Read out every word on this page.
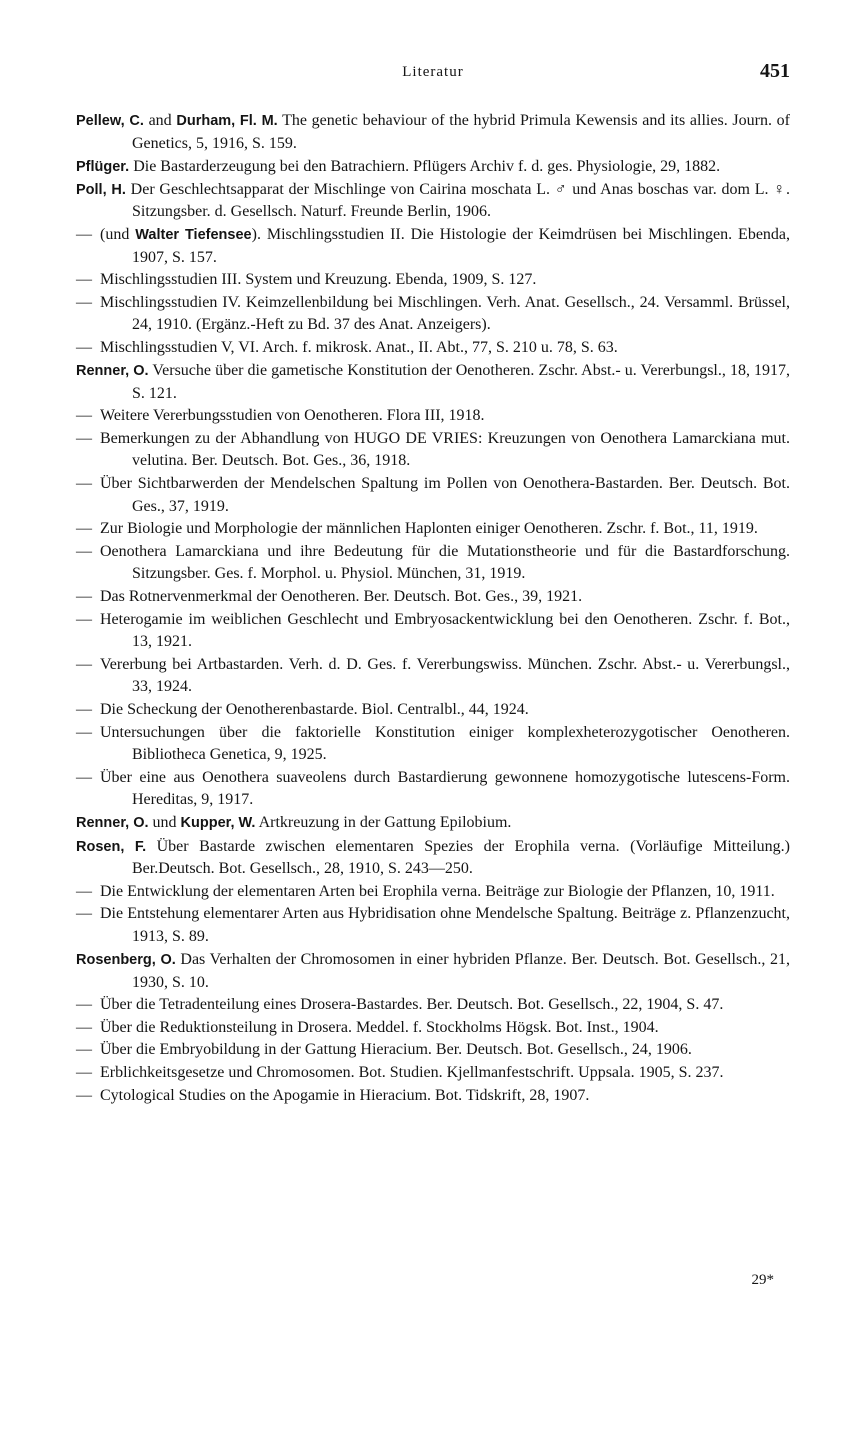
Literatur	451

Pellew, C. and Durham, Fl. M. The genetic behaviour of the hybrid Primula Kewensis and its allies. Journ. of Genetics, 5, 1916, S. 159.

Pflüger. Die Bastarderzeugung bei den Batrachiern. Pflügers Archiv f. d. ges. Physiologie, 29, 1882.

Poll, H. Der Geschlechtsapparat der Mischlinge von Cairina moschata L. ♂ und Anas boschas var. dom L. ♀. Sitzungsber. d. Gesellsch. Naturf. Freunde Berlin, 1906.

— (und Walter Tiefensee). Mischlingsstudien II. Die Histologie der Keimdrüsen bei Mischlingen. Ebenda, 1907, S. 157.

— Mischlingsstudien III. System und Kreuzung. Ebenda, 1909, S. 127.

— Mischlingsstudien IV. Keimzellenbildung bei Mischlingen. Verh. Anat. Gesellsch., 24. Versamml. Brüssel, 24, 1910. (Ergänz.-Heft zu Bd. 37 des Anat. Anzeigers).

— Mischlingsstudien V, VI. Arch. f. mikrosk. Anat., II. Abt., 77, S. 210 u. 78, S. 63.

Renner, O. Versuche über die gametische Konstitution der Oenotheren. Zschr. Abst.- u. Vererbungsl., 18, 1917, S. 121.

— Weitere Vererbungsstudien von Oenotheren. Flora III, 1918.

— Bemerkungen zu der Abhandlung von HUGO DE VRIES: Kreuzungen von Oenothera Lamarckiana mut. velutina. Ber. Deutsch. Bot. Ges., 36, 1918.

— Über Sichtbarwerden der Mendelschen Spaltung im Pollen von Oenothera-Bastarden. Ber. Deutsch. Bot. Ges., 37, 1919.

— Zur Biologie und Morphologie der männlichen Haplonten einiger Oenotheren. Zschr. f. Bot., 11, 1919.

— Oenothera Lamarckiana und ihre Bedeutung für die Mutationstheorie und für die Bastardforschung. Sitzungsber. Ges. f. Morphol. u. Physiol. München, 31, 1919.

— Das Rotnervenmerkmal der Oenotheren. Ber. Deutsch. Bot. Ges., 39, 1921.

— Heterogamie im weiblichen Geschlecht und Embryosackentwicklung bei den Oenotheren. Zschr. f. Bot., 13, 1921.

— Vererbung bei Artbastarden. Verh. d. D. Ges. f. Vererbungswiss. München. Zschr. Abst.- u. Vererbungsl., 33, 1924.

— Die Scheckung der Oenotherenbastarde. Biol. Centralbl., 44, 1924.

— Untersuchungen über die faktorielle Konstitution einiger komplexheterozygotischer Oenotheren. Bibliotheca Genetica, 9, 1925.

— Über eine aus Oenothera suaveolens durch Bastardierung gewonnene homozygotische lutescens-Form. Hereditas, 9, 1917.

Renner, O. und Kupper, W. Artkreuzung in der Gattung Epilobium.

Rosen, F. Über Bastarde zwischen elementaren Spezies der Erophila verna. (Vorläufige Mitteilung.) Ber.Deutsch. Bot. Gesellsch., 28, 1910, S. 243—250.

— Die Entwicklung der elementaren Arten bei Erophila verna. Beiträge zur Biologie der Pflanzen, 10, 1911.

— Die Entstehung elementarer Arten aus Hybridisation ohne Mendelsche Spaltung. Beiträge z. Pflanzenzucht, 1913, S. 89.

Rosenberg, O. Das Verhalten der Chromosomen in einer hybriden Pflanze. Ber. Deutsch. Bot. Gesellsch., 21, 1930, S. 10.

— Über die Tetradenteilung eines Drosera-Bastardes. Ber. Deutsch. Bot. Gesellsch., 22, 1904, S. 47.

— Über die Reduktionsteilung in Drosera. Meddel. f. Stockholms Högsk. Bot. Inst., 1904.

— Über die Embryobildung in der Gattung Hieracium. Ber. Deutsch. Bot. Gesellsch., 24, 1906.

— Erblichkeitsgesetze und Chromosomen. Bot. Studien. Kjellmanfestschrift. Uppsala. 1905, S. 237.

— Cytological Studies on the Apogamie in Hieracium. Bot. Tidskrift, 28, 1907.

29*
